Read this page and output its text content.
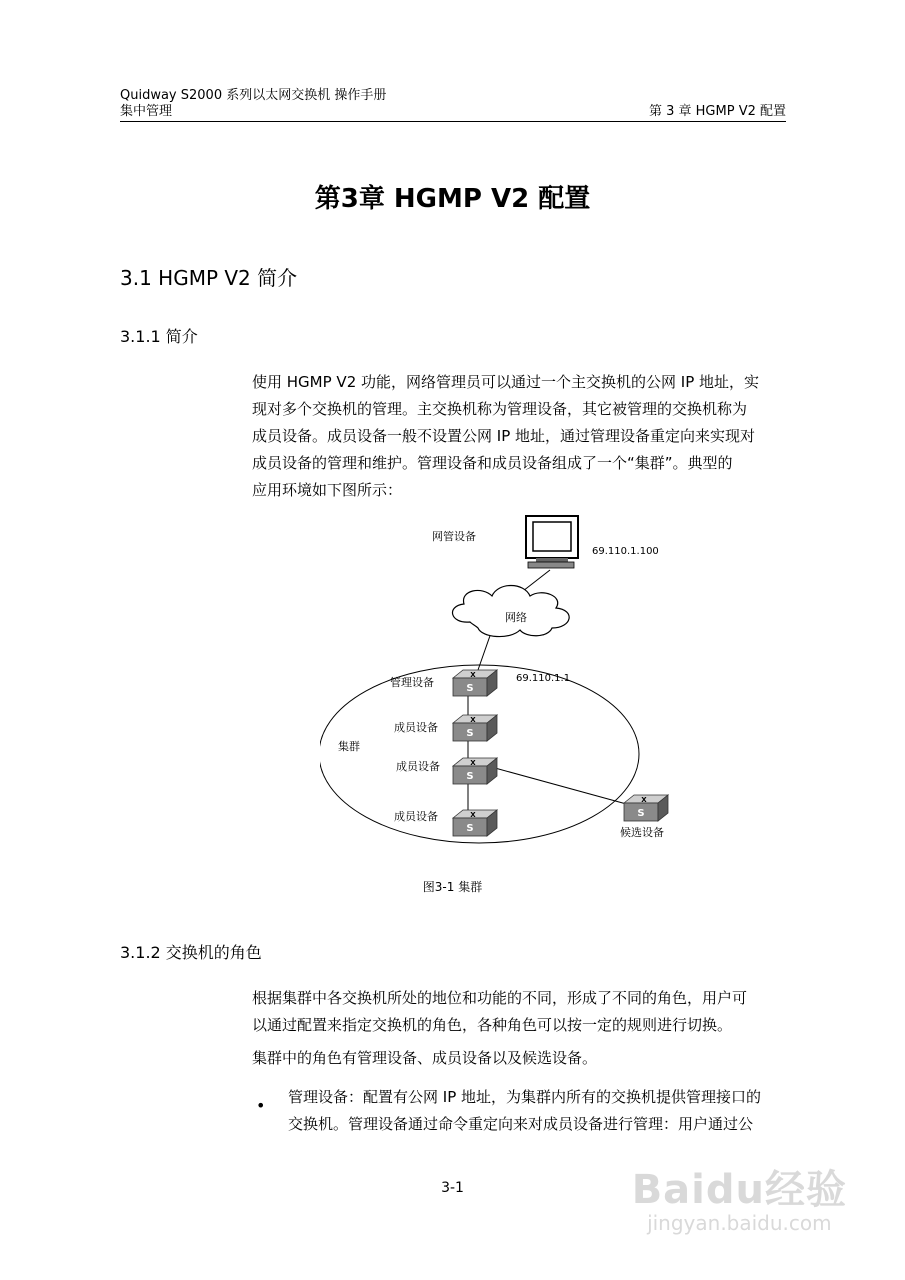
Quidway S2000 系列以太网交换机 操作手册
集中管理	第 3 章 HGMP V2 配置
第3章 HGMP V2 配置
3.1 HGMP V2 简介
3.1.1 简介
使用 HGMP V2 功能，网络管理员可以通过一个主交换机的公网 IP 地址，实
现对多个交换机的管理。主交换机称为管理设备，其它被管理的交换机称为
成员设备。成员设备一般不设置公网 IP 地址，通过管理设备重定向来实现对
成员设备的管理和维护。管理设备和成员设备组成了一个“集群”。典型的
应用环境如下图所示：
网管设备
69.110.1.100
网络
X
S
管理设备	69.110.1.1
X
S
成员设备
集群
X
S
成员设备
X
S
成员设备
X
S
候选设备
图3-1 集群
3.1.2 交换机的角色
根据集群中各交换机所处的地位和功能的不同，形成了不同的角色，用户可
以通过配置来指定交换机的角色，各种角色可以按一定的规则进行切换。
集群中的角色有管理设备、成员设备以及候选设备。
• 管理设备：配置有公网 IP 地址，为集群内所有的交换机提供管理接口的
交换机。管理设备通过命令重定向来对成员设备进行管理：用户通过公
3-1	Baidu经验
jingyan.baidu.com
